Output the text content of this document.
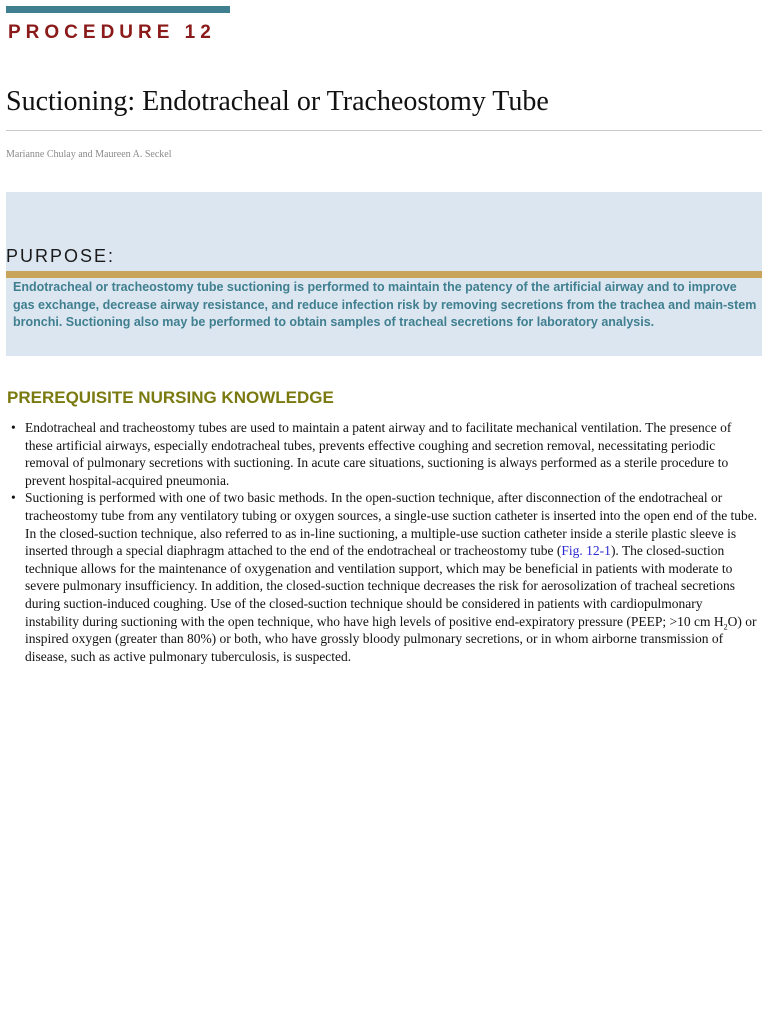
PROCEDURE 12
Suctioning: Endotracheal or Tracheostomy Tube
Marianne Chulay and Maureen A. Seckel
PURPOSE:

Endotracheal or tracheostomy tube suctioning is performed to maintain the patency of the artificial airway and to improve gas exchange, decrease airway resistance, and reduce infection risk by removing secretions from the trachea and main-stem bronchi. Suctioning also may be performed to obtain samples of tracheal secretions for laboratory analysis.

PREREQUISITE NURSING KNOWLEDGE
• Endotracheal and tracheostomy tubes are used to maintain a patent airway and to facilitate mechanical ventilation. The presence of these artificial airways, especially endotracheal tubes, prevents effective coughing and secretion removal, necessitating periodic removal of pulmonary secretions with suctioning. In acute care situations, suctioning is always performed as a sterile procedure to prevent hospital-acquired pneumonia.
• Suctioning is performed with one of two basic methods. In the open-suction technique, after disconnection of the endotracheal or tracheostomy tube from any ventilatory tubing or oxygen sources, a single-use suction catheter is inserted into the open end of the tube. In the closed-suction technique, also referred to as in-line suctioning, a multiple-use suction catheter inside a sterile plastic sleeve is inserted through a special diaphragm attached to the end of the endotracheal or tracheostomy tube (Fig. 12-1). The closed-suction technique allows for the maintenance of oxygenation and ventilation support, which may be beneficial in patients with moderate to severe pulmonary insufficiency. In addition, the closed-suction technique decreases the risk for aerosolization of tracheal secretions during suction-induced coughing. Use of the closed-suction technique should be considered in patients with cardiopulmonary instability during suctioning with the open technique, who have high levels of positive end-expiratory pressure (PEEP; >10 cm $H_2O$) or inspired oxygen (greater than 80%) or both, who have grossly bloody pulmonary secretions, or in whom airborne transmission of disease, such as active pulmonary tuberculosis, is suspected.
